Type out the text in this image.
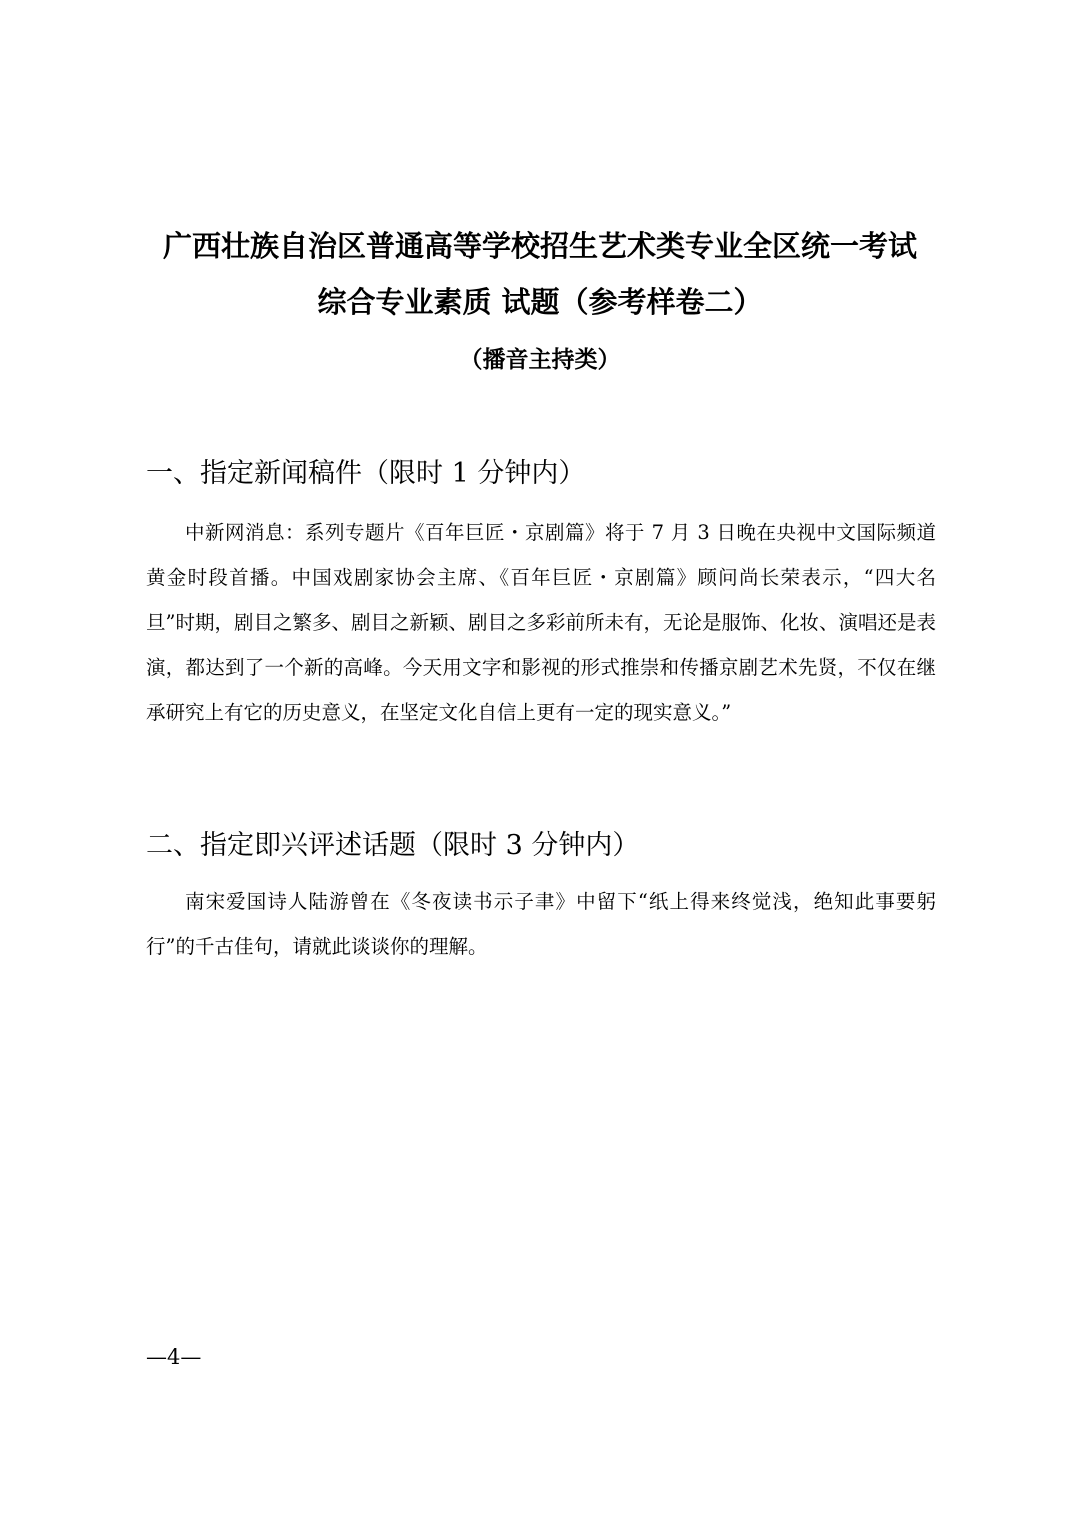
广西壮族自治区普通高等学校招生艺术类专业全区统一考试
综合专业素质 试题（参考样卷二）
（播音主持类）
一、指定新闻稿件（限时 1 分钟内）

中新网消息：系列专题片《百年巨匠・京剧篇》将于 7 月 3 日晚在央视中文国际频道黄金时段首播。中国戏剧家协会主席、《百年巨匠・京剧篇》顾问尚长荣表示，“四大名旦”时期，剧目之繁多、剧目之新颖、剧目之多彩前所未有，无论是服饰、化妆、演唱还是表演，都达到了一个新的高峰。今天用文字和影视的形式推崇和传播京剧艺术先贤，不仅在继承研究上有它的历史意义，在坚定文化自信上更有一定的现实意义。”

二、指定即兴评述话题（限时 3 分钟内）

南宋爱国诗人陆游曾在《冬夜读书示子聿》中留下“纸上得来终觉浅，绝知此事要躬行”的千古佳句，请就此谈谈你的理解。

—4—
